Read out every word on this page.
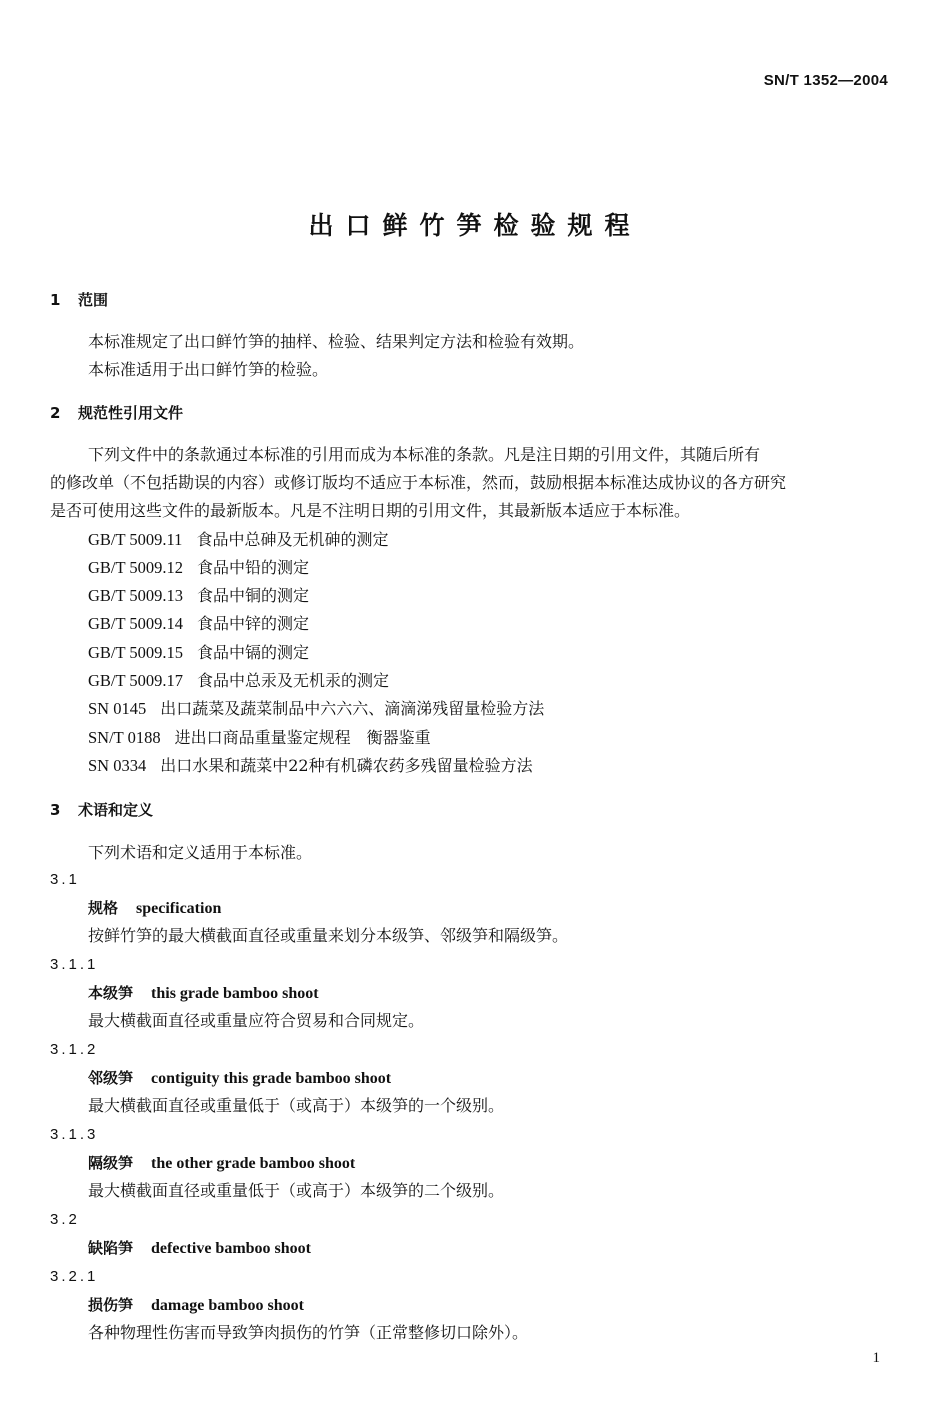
SN/T 1352—2004
出口鲜竹笋检验规程
1 范围
本标准规定了出口鲜竹笋的抽样、检验、结果判定方法和检验有效期。
本标准适用于出口鲜竹笋的检验。
2 规范性引用文件
下列文件中的条款通过本标准的引用而成为本标准的条款。凡是注日期的引用文件，其随后所有
的修改单（不包括勘误的内容）或修订版均不适应于本标准，然而，鼓励根据本标准达成协议的各方研究
是否可使用这些文件的最新版本。凡是不注明日期的引用文件，其最新版本适应于本标准。
GB/T 5009.11 食品中总砷及无机砷的测定
GB/T 5009.12 食品中铅的测定
GB/T 5009.13 食品中铜的测定
GB/T 5009.14 食品中锌的测定
GB/T 5009.15 食品中镉的测定
GB/T 5009.17 食品中总汞及无机汞的测定
SN 0145 出口蔬菜及蔬菜制品中六六六、滴滴涕残留量检验方法
SN/T 0188 进出口商品重量鉴定规程　衡器鉴重
SN 0334 出口水果和蔬菜中22种有机磷农药多残留量检验方法
3 术语和定义
下列术语和定义适用于本标准。
3.1
规格 specification
按鲜竹笋的最大横截面直径或重量来划分本级笋、邻级笋和隔级笋。
3.1.1
本级笋 this grade bamboo shoot
最大横截面直径或重量应符合贸易和合同规定。
3.1.2
邻级笋 contiguity this grade bamboo shoot
最大横截面直径或重量低于（或高于）本级笋的一个级别。
3.1.3
隔级笋 the other grade bamboo shoot
最大横截面直径或重量低于（或高于）本级笋的二个级别。
3.2
缺陷笋 defective bamboo shoot
3.2.1
损伤笋 damage bamboo shoot
各种物理性伤害而导致笋肉损伤的竹笋（正常整修切口除外）。
1
